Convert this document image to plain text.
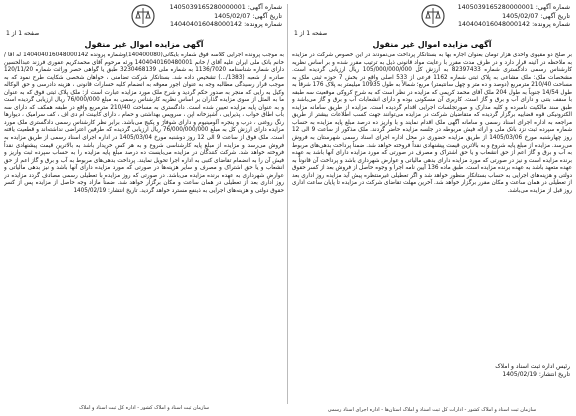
شماره آگهی: 1405039165280000001
تاریخ آگهی: 1405/02/07
شماره پرونده: 140404016048000142
صفحه 1 از 1
آگهی مزایده اموال غیر منقول
بر صلح دو مقیوی واحدی هزار تومان بعنوان اجاره بها به بستانکار پرداخت می‌نمودند در این خصوص شرکت در مزایده به ملاحظه در آئینه قرار دارد و در ظرف مدت مقرر با رعایت مواد قانونی ذیل به ترتیب مقرر شده و بر اساس نظریه کارشناس رسمی دادگستری شماره 82397433 به ارزش کل 105/000/000/000 ریال ارزیابی گردیده است. مشخصات ملک: ملک مشاعی به پلاک ثبتی شماره 1162 فرعی از 533 اصلی واقع در بخش 7 حوزه ثبتی ملک به مساحت 210/40 مترمربع (دوصد و ده متر و چهل سانتیمتر) مربع؛ شمالاً به طول 10935 میلیمتر به پلاک 176 شرقاً به طول 14/54 جنوباً به طول 204 ملک آقای محمد کریمی که مزایده در نظر است که به شرح کروکی موقعیت سه طبقه با سقف بتنی و دارای آب و برق و گاز است. کاربری آن مسکونی بوده و دارای انشعابات آب و برق و گاز می‌باشد و طبق سند مالکیت نامبرده و کلیه مدارک و صورتجلسات اجرایی اقدام گردیده است. مزایده از طریق سامانه مزایده الکترونیکی قوه قضاییه برگزار گردیده که متقاضیان شرکت در مزایده می‌توانند جهت کسب اطلاعات بیشتر از طریق مراجعه به اداره اجرای اسناد رسمی و سامانه آگهی ملک اقدام نمایند و با واریز ده درصد مبلغ پایه مزایده به حساب شماره سپرده ثبت نزد بانک ملی و ارائه فیش مربوطه در جلسه مزایده حاضر گردند. ملک مذکور از ساعت 9 الی 12 روز چهارشنبه مورخ 1405/03/06 از طریق مزایده حضوری در محل اداره اجرای اسناد رسمی شهرستان به فروش می‌رسد. مزایده از مبلغ پایه شروع و به بالاترین قیمت پیشنهادی نقداً فروخته خواهد شد. ضمناً پرداخت بدهی‌های مربوط به آب و برق و گاز اعم از حق انشعاب و یا حق اشتراک و مصرف در صورتی که مورد مزایده دارای آنها باشد به عهده برنده مزایده است و نیز در صورتی که مورد مزایده دارای بدهی مالیاتی و عوارض شهرداری باشد و پرداخت آن قانوناً به عهده متعهد باشد به عهده برنده مزایده است. طبق ماده 136 آیین نامه اجرا و وجوه حاصل از فروش بعد از کسر حقوق دولتی و هزینه‌های اجرایی به حساب بستانکار منظور خواهد شد و اگر تعطیلی غیرمنتظره پیش آید مزایده روز اداری بعد از تعطیلی در همان ساعت و مکان مقرر برگزار خواهد شد. آخرین مهلت تقاضای شرکت در مزایده تا پایان ساعت اداری روز قبل از مزایده می‌باشد.
رئیس اداره ثبت اسناد و املاک
تاریخ انتشار: 1405/02/19
سازمان ثبت اسناد و املاک کشور - ادارات کل ثبت اسناد و املاک استان‌ها - اداره اجرای اسناد رسمی
شماره آگهی: 1405039165280000001
تاریخ آگهی: 1405/02/07
شماره پرونده: 140404016048000142
صفحه 1 از 1
آگهی مزایده اموال غیر منقول
به موجب پرونده اجرایی کلاسه فوق شماره بایگانی(140400080)وشماره پرونده 140404016048000142 له آقا / خانم بانک ملی ایران علیه آقای / خانم 1404040160480001 ورثه مرحوم آقای محمدکریم عفوری فرزند عبدالحسین دارای شماره شناسنامه 1136/7020 به شماره ملی 3230468139 طبق یا گواهی حصر وراثت شماره 120/11/20 صادره از شعبه (1383/...) تشخیص داده شد. بستانکار شرکت تضامنی ، خواهان شخصی شکایت طرح نمود که به موجب قرار رسیدگی مطالبه وجه به عنوان اجور معوقه به انضمام کلیه خسارات قانونی ، هزینه دادرسی و حق الوکاله وکیل به رایی که منجر به صدور حکم گردید و شرح ملک مورد مزایده عبارت است از: ملک پلاک ثبتی فوق که به عنوان ما به المثل از سوی مزایده گذاران بر اساس نظریه کارشناس رسمی به مبلغ 76/000/000 ریال ارزیابی گردیده است و به عنوان پایه مزایده تعیین شده است. دادگستری به مساحت 210/40 مترمربع واقع در طبقه همکف که دارای سه باب اطاق خواب ، پذیرایی ، آشپزخانه اپن ، سرویس بهداشتی و حمام ، دارای کابینت ام دی اف ، کف سرامیک ، دیوارها رنگ روغنی ، درب و پنجره آلومینیوم و دارای شوفاژ و پکیج می‌باشد. برابر نظر کارشناس رسمی دادگستری ملک مورد مزایده دارای ارزش کل به مبلغ 76/000/000/000 ریال ارزیابی گردیده که طرفین اعتراضی نداشته‌اند و قطعیت یافته است. ملک فوق از ساعت 9 الی 12 روز دوشنبه مورخ 1405/03/04 در اداره اجرای اسناد رسمی از طریق مزایده به فروش می‌رسد و مزایده از مبلغ پایه کارشناسی شروع و به هر کس خریدار باشد به بالاترین قیمت پیشنهادی نقداً فروخته خواهد شد. شرکت کنندگان در مزایده می‌بایست ده درصد مبلغ پایه مزایده را به حساب سپرده ثبت واریز و فیش آن را به انضمام تقاضای کتبی به اداره اجرا تحویل نمایند. پرداخت بدهی‌های مربوط به آب و برق و گاز اعم از حق انشعاب و یا حق اشتراک و مصرف و سایر هزینه‌ها در صورتی که مورد مزایده دارای آنها باشد و نیز بدهی مالیاتی و عوارض شهرداری به عهده برنده مزایده می‌باشد. در صورتی که روز مزایده با تعطیلی رسمی مصادف گردد مزایده در روز اداری بعد از تعطیلی در همان ساعت و مکان برگزار خواهد شد. ضمناً مازاد وجه حاصل از مزایده پس از کسر حقوق دولتی و هزینه‌های اجرایی به ذینفع مسترد خواهد گردید. تاریخ انتشار: 1405/02/19
سازمان ثبت اسناد و املاک کشور - اداره کل ثبت اسناد و املاک
